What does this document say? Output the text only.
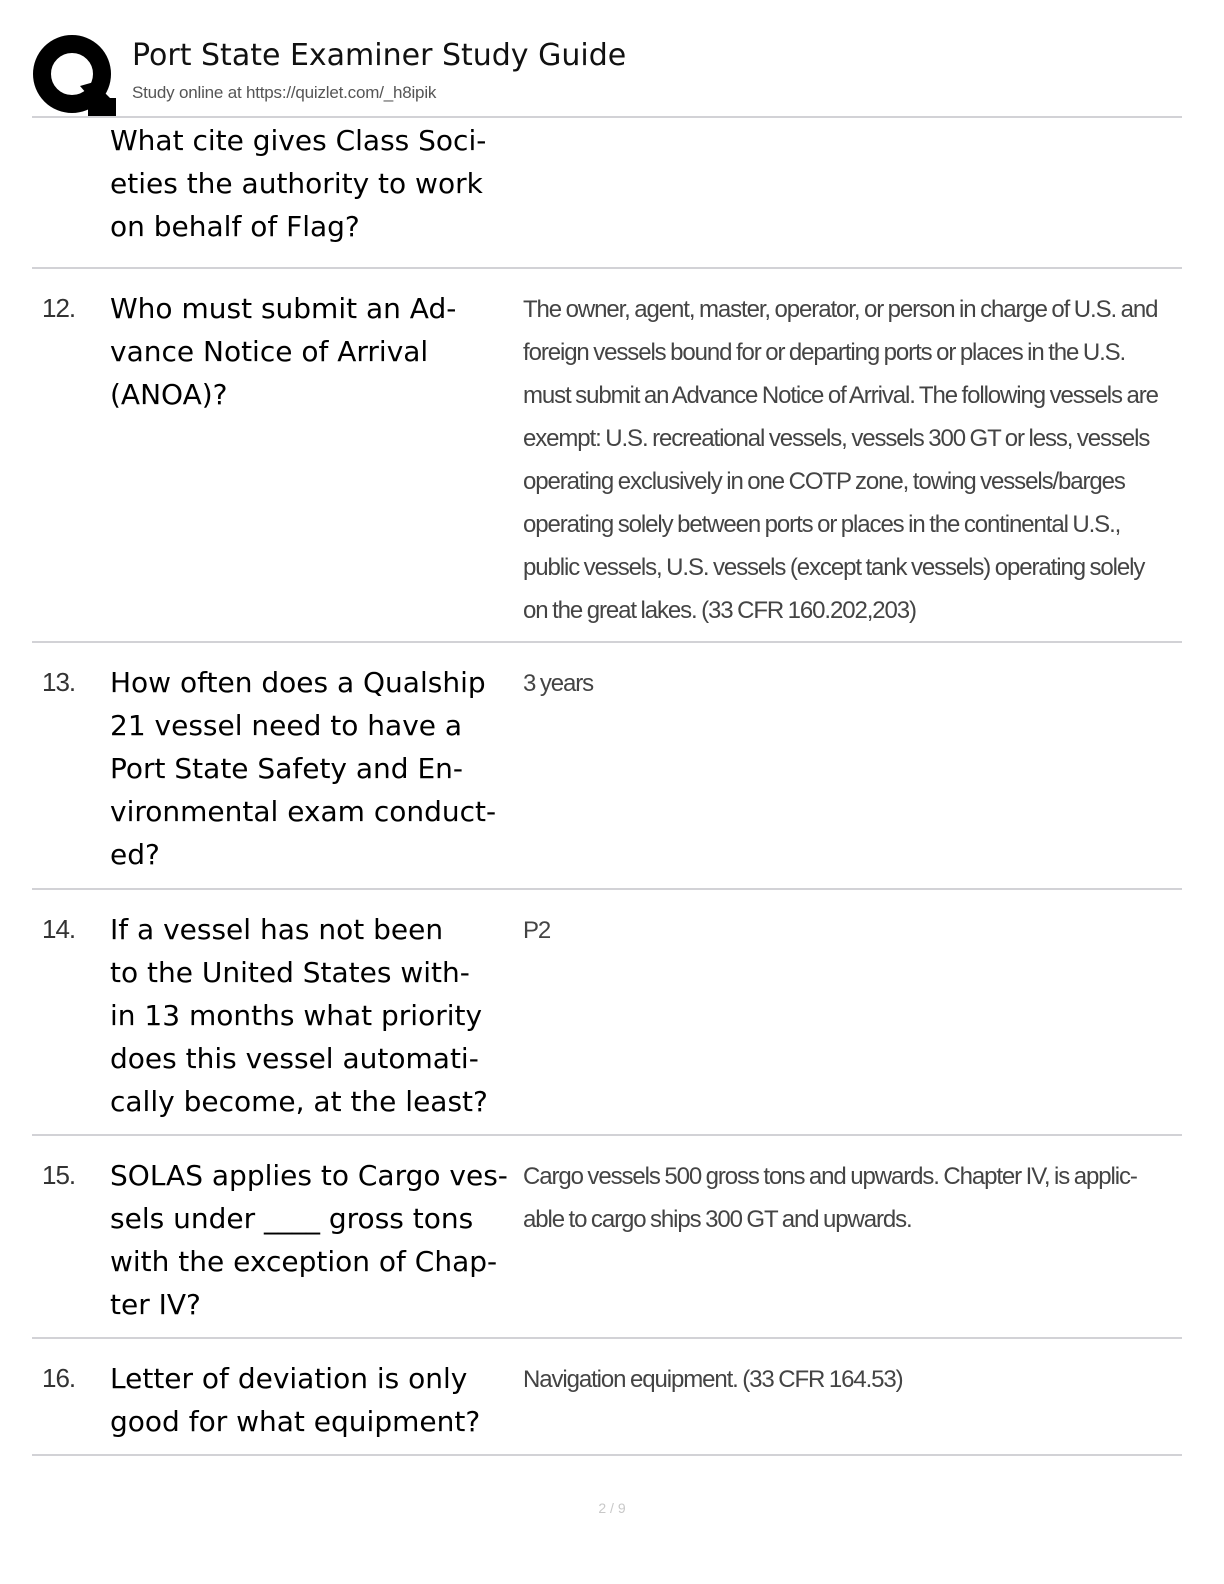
Port State Examiner Study Guide
Study online at https://quizlet.com/_h8ipik
What cite gives Class Soci-
eties the authority to work
on behalf of Flag?
12. Who must submit an Ad-
vance Notice of Arrival
(ANOA)?
The owner, agent, master, operator, or person in charge of U.S. and
foreign vessels bound for or departing ports or places in the U.S.
must submit an Advance Notice of Arrival. The following vessels are
exempt: U.S. recreational vessels, vessels 300 GT or less, vessels
operating exclusively in one COTP zone, towing vessels/barges
operating solely between ports or places in the continental U.S.,
public vessels, U.S. vessels (except tank vessels) operating solely
on the great lakes. (33 CFR 160.202,203)
13. How often does a Qualship
21 vessel need to have a
Port State Safety and En-
vironmental exam conduct-
ed?
3 years
14. If a vessel has not been
to the United States with-
in 13 months what priority
does this vessel automati-
cally become, at the least?
P2
15. SOLAS applies to Cargo ves-
sels under ____ gross tons
with the exception of Chap-
ter IV?
Cargo vessels 500 gross tons and upwards. Chapter IV, is applic-
able to cargo ships 300 GT and upwards.
16. Letter of deviation is only
good for what equipment?
Navigation equipment. (33 CFR 164.53)
2 / 9
